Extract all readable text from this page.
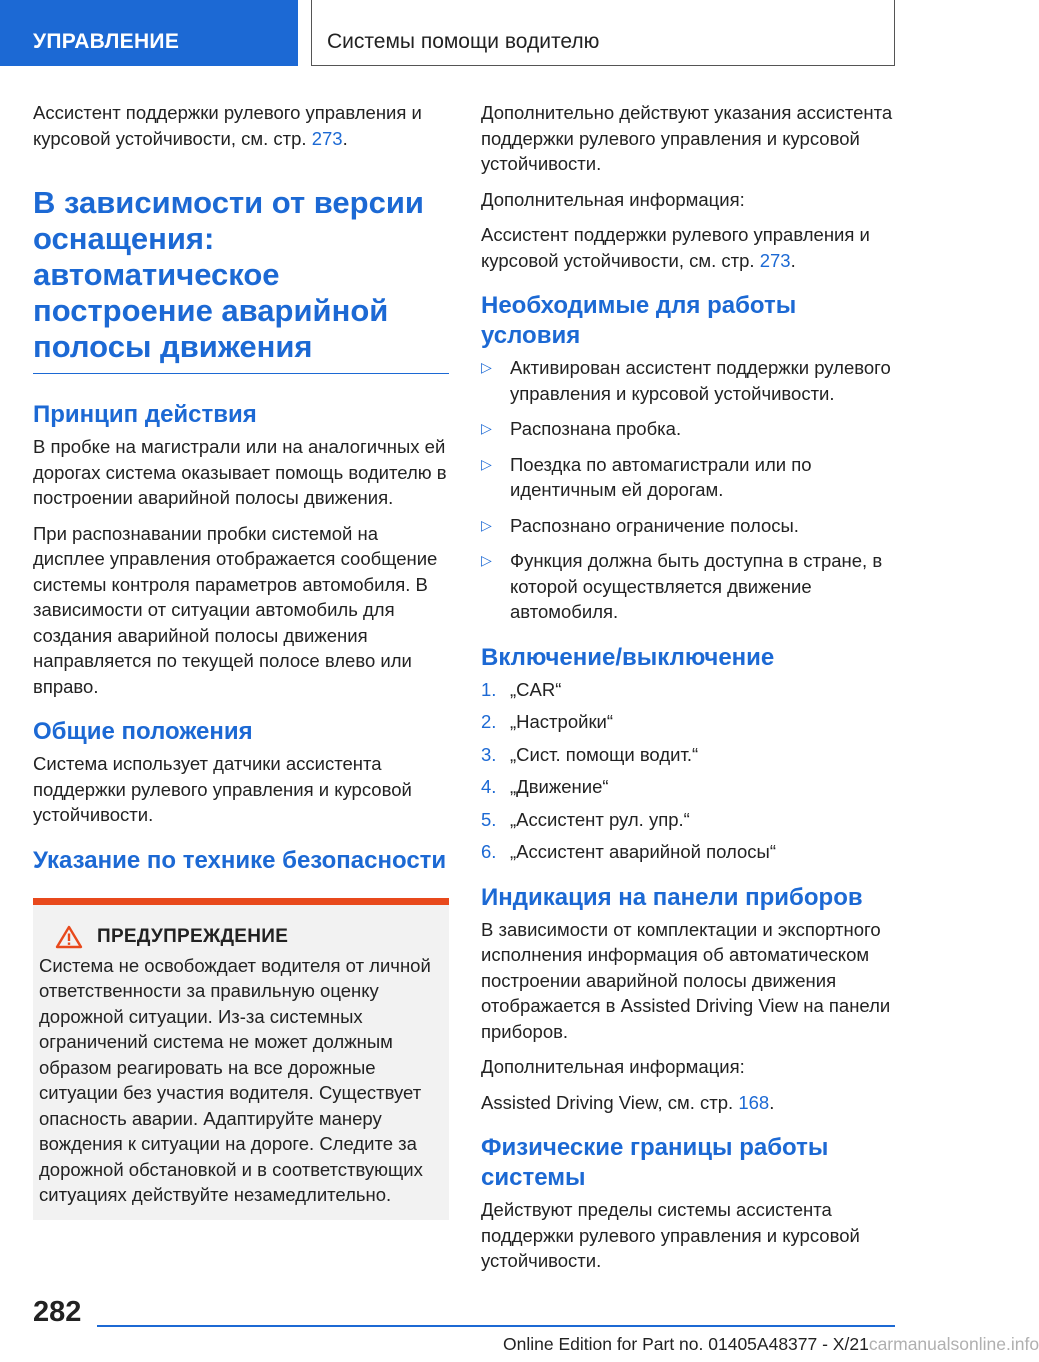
УПРАВЛЕНИЕ	Системы помощи водителю

Ассистент поддержки рулевого управления и курсовой устойчивости, см. стр. 273.

В зависимости от версии оснащения: автоматическое построение аварийной полосы движения
Принцип действия

В пробке на магистрали или на аналогичных ей дорогах система оказывает помощь водителю в построении аварийной полосы движения.

При распознавании пробки системой на дисплее управления отображается сообщение системы контроля параметров автомобиля. В зависимости от ситуации автомобиль для создания аварийной полосы движения направляется по текущей полосе влево или вправо.

Общие положения

Система использует датчики ассистента поддержки рулевого управления и курсовой устойчивости.

Указание по технике безопасности
ПРЕДУПРЕЖДЕНИЕ

Система не освобождает водителя от личной ответственности за правильную оценку дорожной ситуации. Из-за системных ограничений система не может должным образом реагировать на все дорожные ситуации без участия водителя. Существует опасность аварии. Адаптируйте манеру вождения к ситуации на дороге. Следите за дорожной обстановкой и в соответствующих ситуациях действуйте незамедлительно.

Дополнительно действуют указания ассистента поддержки рулевого управления и курсовой устойчивости.

Дополнительная информация:

Ассистент поддержки рулевого управления и курсовой устойчивости, см. стр. 273.

Необходимые для работы условия
▷ Активирован ассистент поддержки рулевого управления и курсовой устойчивости.
▷ Распознана пробка.
▷ Поездка по автомагистрали или по идентичным ей дорогам.
▷ Распознано ограничение полосы.
▷ Функция должна быть доступна в стране, в которой осуществляется движение автомобиля.
Включение/выключение
1. „CAR“
2. „Настройки“
3. „Сист. помощи водит.“
4. „Движение“
5. „Ассистент рул. упр.“
6. „Ассистент аварийной полосы“
Индикация на панели приборов

В зависимости от комплектации и экспортного исполнения информация об автоматическом построении аварийной полосы движения отображается в Assisted Driving View на панели приборов.

Дополнительная информация:

Assisted Driving View, см. стр. 168.

Физические границы работы системы

Действуют пределы системы ассистента поддержки рулевого управления и курсовой устойчивости.

282
Online Edition for Part no. 01405A48377 - X/21carmanualsonline.info
